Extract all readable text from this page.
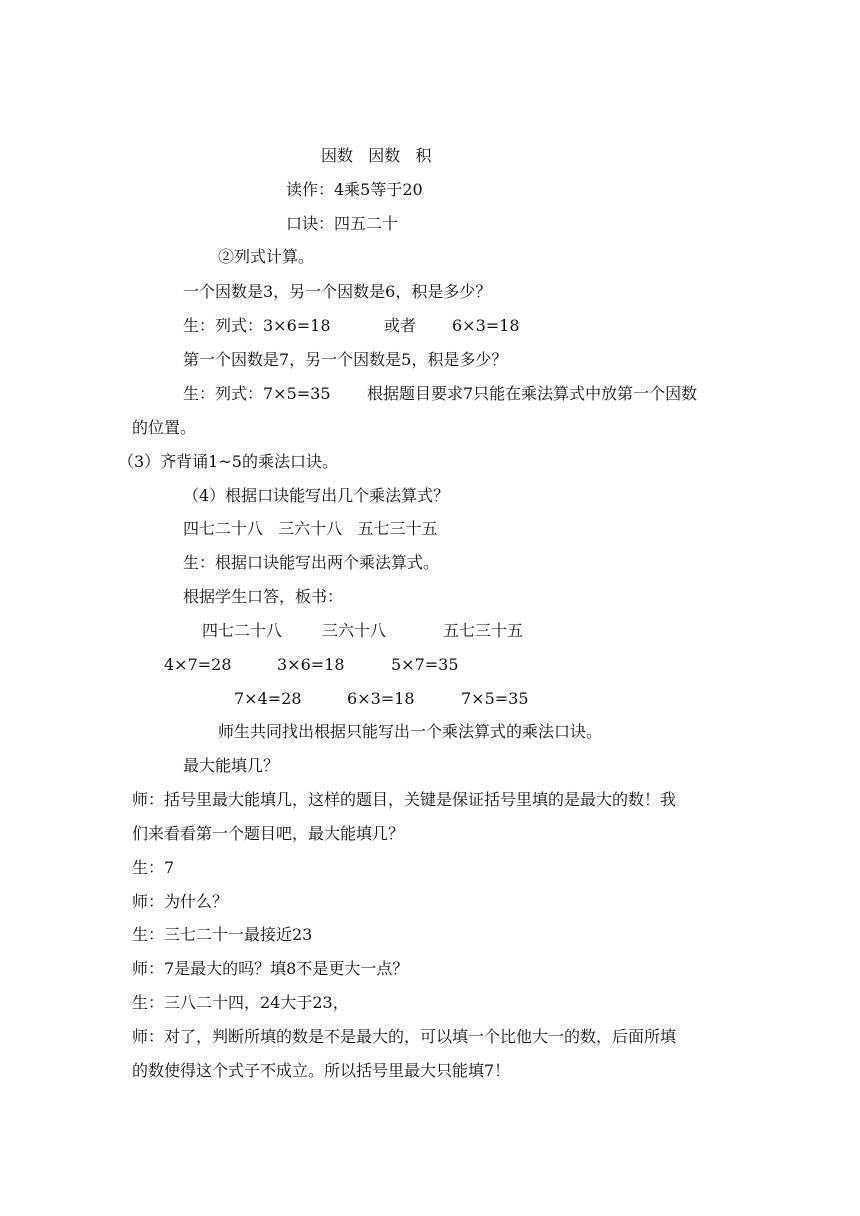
因数   因数   积
读作：4乘5等于20
口诀：四五二十
②列式计算。
一个因数是3，另一个因数是6，积是多少？
生：列式：3×6=18	或者 6×3=18
第一个因数是7，另一个因数是5，积是多少？
生：列式：7×5=35 根据题目要求7只能在乘法算式中放第一个因数
的位置。
（3）齐背诵1~5的乘法口诀。
（4）根据口诀能写出几个乘法算式？
四七二十八   三六十八   五七三十五
生：根据口诀能写出两个乘法算式。
根据学生口答，板书：
四七二十八 三六十八	五七三十五
4×7=28	3×6=18	5×7=35
7×4=28	6×3=18	7×5=35
师生共同找出根据只能写出一个乘法算式的乘法口诀。
最大能填几？
师：括号里最大能填几，这样的题目，关键是保证括号里填的是最大的数！我
们来看看第一个题目吧，最大能填几？
生：7
师：为什么？
生：三七二十一最接近23
师：7是最大的吗？填8不是更大一点？
生：三八二十四，24大于23，
师：对了，判断所填的数是不是最大的，可以填一个比他大一的数，后面所填
的数使得这个式子不成立。所以括号里最大只能填7！
